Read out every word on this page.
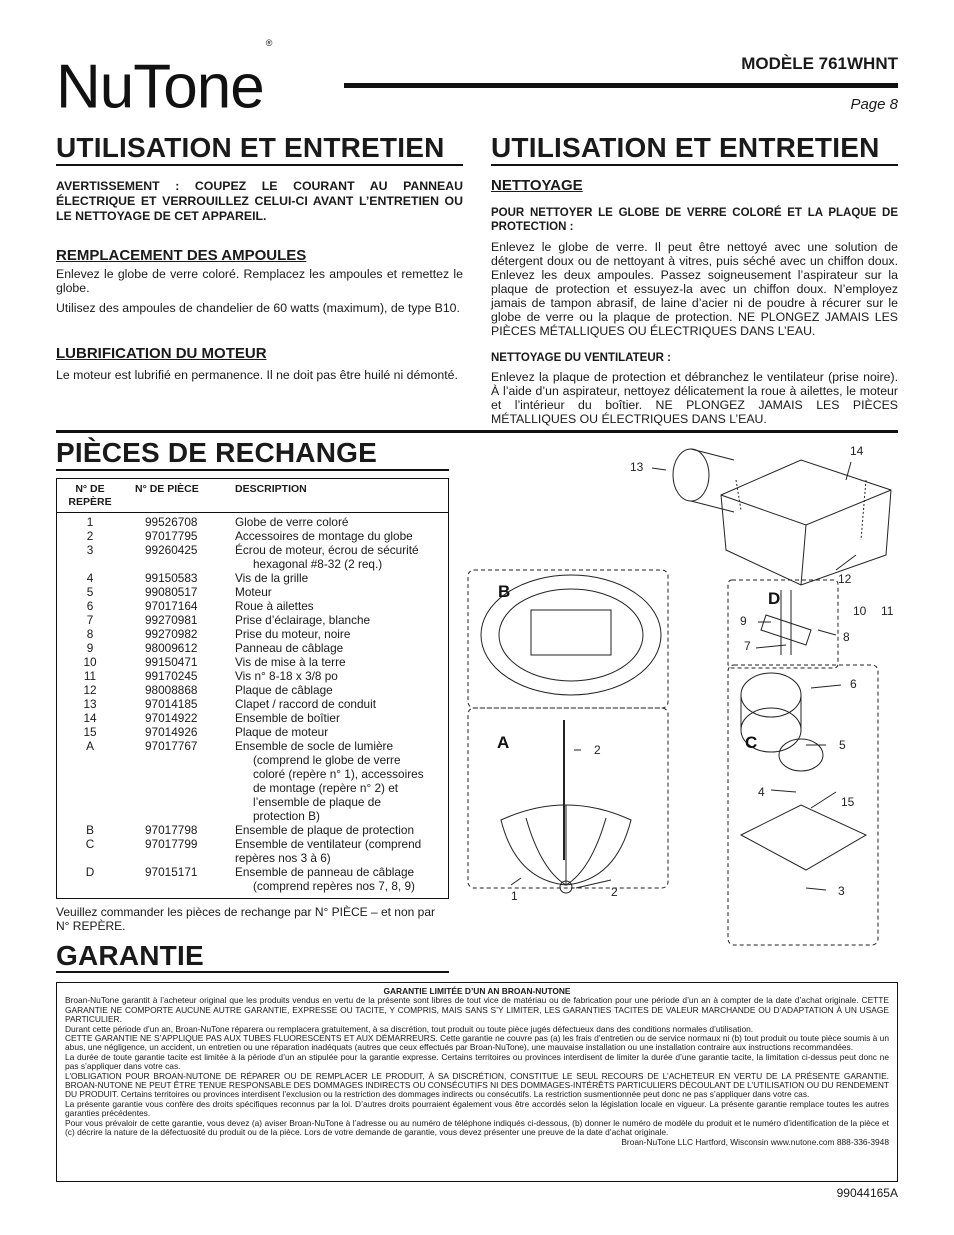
NuTone®
MODÈLE 761WHNT
Page 8
UTILISATION ET ENTRETIEN
AVERTISSEMENT : COUPEZ LE COURANT AU PANNEAU ÉLECTRIQUE ET VERROUILLEZ CELUI-CI AVANT L’ENTRETIEN OU LE NETTOYAGE DE CET APPAREIL.
REMPLACEMENT DES AMPOULES
Enlevez le globe de verre coloré. Remplacez les ampoules et remettez le globe.
Utilisez des ampoules de chandelier de 60 watts (maximum), de type B10.
LUBRIFICATION DU MOTEUR
Le moteur est lubrifié en permanence. Il ne doit pas être huilé ni démonté.
UTILISATION ET ENTRETIEN
NETTOYAGE
POUR NETTOYER LE GLOBE DE VERRE COLORÉ ET LA PLAQUE DE PROTECTION :
Enlevez le globe de verre. Il peut être nettoyé avec une solution de détergent doux ou de nettoyant à vitres, puis séché avec un chiffon doux. Enlevez les deux ampoules. Passez soigneusement l’aspirateur sur la plaque de protection et essuyez-la avec un chiffon doux. N’employez jamais de tampon abrasif, de laine d’acier ni de poudre à récurer sur le globe de verre ou la plaque de protection. NE PLONGEZ JAMAIS LES PIÈCES MÉTALLIQUES OU ÉLECTRIQUES DANS L’EAU.
NETTOYAGE DU VENTILATEUR :
Enlevez la plaque de protection et débranchez le ventilateur (prise noire). À l’aide d’un aspirateur, nettoyez délicatement la roue à ailettes, le moteur et l’intérieur du boîtier. NE PLONGEZ JAMAIS LES PIÈCES MÉTALLIQUES OU ÉLECTRIQUES DANS L’EAU.
PIÈCES DE RECHANGE
N° DE
REPÈRE
N° DE PIÈCE	DESCRIPTION
1	99526708	Globe de verre coloré
2	97017795	Accessoires de montage du globe
3	99260425	Écrou de moteur, écrou de sécurité
hexagonal #8-32 (2 req.)
4	99150583	Vis de la grille
5	99080517	Moteur
6	97017164	Roue à ailettes
7	99270981	Prise d’éclairage, blanche
8	99270982	Prise du moteur, noire
9	98009612	Panneau de câblage
10	99150471	Vis de mise à la terre
11	99170245	Vis n° 8-18 x 3/8 po
12	98008868	Plaque de câblage
13	97014185	Clapet / raccord de conduit
14	97014922	Ensemble de boîtier
15	97014926	Plaque de moteur
A	97017767	Ensemble de socle de lumière
(comprend le globe de verre
coloré (repère n° 1), accessoires
de montage (repère n° 2) et
l’ensemble de plaque de
protection B)
B	97017798	Ensemble de plaque de protection
C	97017799	Ensemble de ventilateur (comprend
repères nos 3 à 6)
D	97015171	Ensemble de panneau de câblage
(comprend repères nos 7, 8, 9)
Veuillez commander les pièces de rechange par N° PIÈCE – et non par N° REPÈRE.
14
13
12
10 11
9
8
7
6
5
4
15
3
2
1	2
B	D
A	C
GARANTIE
GARANTIE LIMITÉE D’UN AN BROAN-NUTONE
Broan-NuTone garantit à l’acheteur original que les produits vendus en vertu de la présente sont libres de tout vice de matériau ou de fabrication pour une période d’un an à compter de la date d’achat originale. CETTE GARANTIE NE COMPORTE AUCUNE AUTRE GARANTIE, EXPRESSE OU TACITE, Y COMPRIS, MAIS SANS S’Y LIMITER, LES GARANTIES TACITES DE VALEUR MARCHANDE OU D’ADAPTATION À UN USAGE PARTICULIER.
Durant cette période d’un an, Broan-NuTone réparera ou remplacera gratuitement, à sa discrétion, tout produit ou toute pièce jugés défectueux dans des conditions normales d’utilisation.
CETTE GARANTIE NE S’APPLIQUE PAS AUX TUBES FLUORESCENTS ET AUX DÉMARREURS. Cette garantie ne couvre pas (a) les frais d’entretien ou de service normaux ni (b) tout produit ou toute pièce soumis à un abus, une négligence, un accident, un entretien ou une réparation inadéquats (autres que ceux effectués par Broan-NuTone), une mauvaise installation ou une installation contraire aux instructions recommandées.
La durée de toute garantie tacite est limitée à la période d’un an stipulée pour la garantie expresse. Certains territoires ou provinces interdisent de limiter la durée d’une garantie tacite, la limitation ci-dessus peut donc ne pas s’appliquer dans votre cas.
L’OBLIGATION POUR BROAN-NUTONE DE RÉPARER OU DE REMPLACER LE PRODUIT, À SA DISCRÉTION, CONSTITUE LE SEUL RECOURS DE L’ACHETEUR EN VERTU DE LA PRÉSENTE GARANTIE. BROAN-NUTONE NE PEUT ÊTRE TENUE RESPONSABLE DES DOMMAGES INDIRECTS OU CONSÉCUTIFS NI DES DOMMAGES-INTÉRÊTS PARTICULIERS DÉCOULANT DE L’UTILISATION OU DU RENDEMENT DU PRODUIT. Certains territoires ou provinces interdisent l’exclusion ou la restriction des dommages indirects ou consécutifs. La restriction susmentionnée peut donc ne pas s’appliquer dans votre cas.
La présente garantie vous confère des droits spécifiques reconnus par la loi. D’autres droits pourraient également vous être accordés selon la législation locale en vigueur. La présente garantie remplace toutes les autres garanties précédentes.
Pour vous prévaloir de cette garantie, vous devez (a) aviser Broan-NuTone à l’adresse ou au numéro de téléphone indiqués ci-dessous, (b) donner le numéro de modèle du produit et le numéro d’identification de la pièce et (c) décrire la nature de la défectuosité du produit ou de la pièce. Lors de votre demande de garantie, vous devez présenter une preuve de la date d’achat originale.
Broan-NuTone LLC Hartford, Wisconsin www.nutone.com 888-336-3948
99044165A
